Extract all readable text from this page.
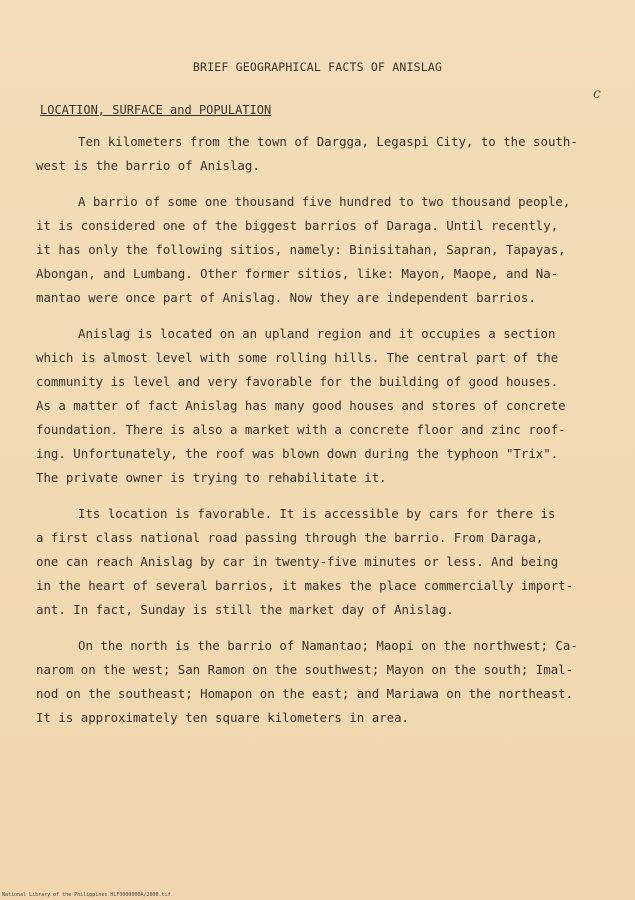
BRIEF GEOGRAPHICAL FACTS OF ANISLAG
c
LOCATION, SURFACE and POPULATION

Ten kilometers from the town of Dargga, Legaspi City, to the south-
west is the barrio of Anislag.

A barrio of some one thousand five hundred to two thousand people,
it is considered one of the biggest barrios of Daraga. Until recently,
it has only the following sitios, namely: Binisitahan, Sapran, Tapayas,
Abongan, and Lumbang. Other former sitios, like: Mayon, Maope, and Na-
mantao were once part of Anislag. Now they are independent barrios.

Anislag is located on an upland region and it occupies a section
which is almost level with some rolling hills. The central part of the
community is level and very favorable for the building of good houses.
As a matter of fact Anislag has many good houses and stores of concrete
foundation. There is also a market with a concrete floor and zinc roof-
ing. Unfortunately, the roof was blown down during the typhoon "Trix".
The private owner is trying to rehabilitate it.

Its location is favorable. It is accessible by cars for there is
a first class national road passing through the barrio. From Daraga,
one can reach Anislag by car in twenty-five minutes or less. And being
in the heart of several barrios, it makes the place commercially import-
ant. In fact, Sunday is still the market day of Anislag.

On the north is the barrio of Namantao; Maopi on the northwest; Ca-
narom on the west; San Ramon on the southwest; Mayon on the south; Imal-
nod on the southeast; Homapon on the east; and Mariawa on the northeast.
It is approximately ten square kilometers in area.

National Library of the Philippines HLF0000000A/2000.tif
